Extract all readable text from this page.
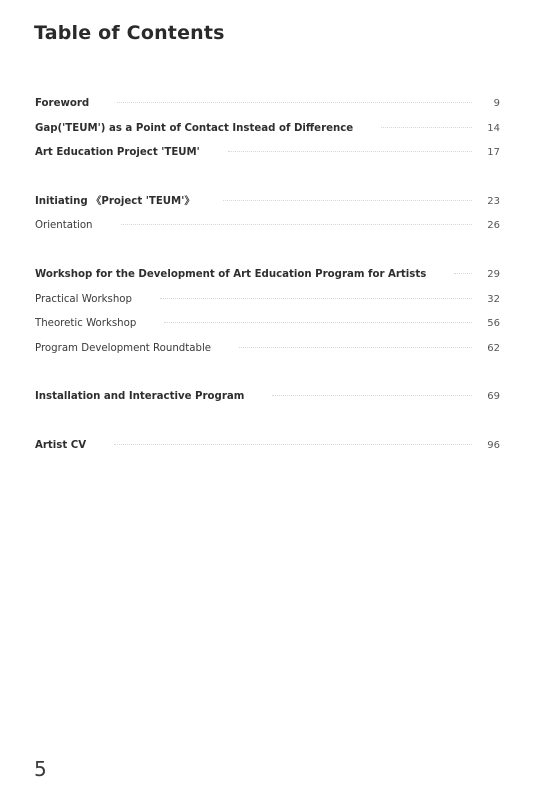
Table of Contents
Foreword	9
Gap('TEUM') as a Point of Contact Instead of Difference	14
Art Education Project 'TEUM'	17
Initiating 《Project 'TEUM'》	23
Orientation	26
Workshop for the Development of Art Education Program for Artists	29
Practical Workshop	32
Theoretic Workshop	56
Program Development Roundtable	62
Installation and Interactive Program	69
Artist CV	96
5
